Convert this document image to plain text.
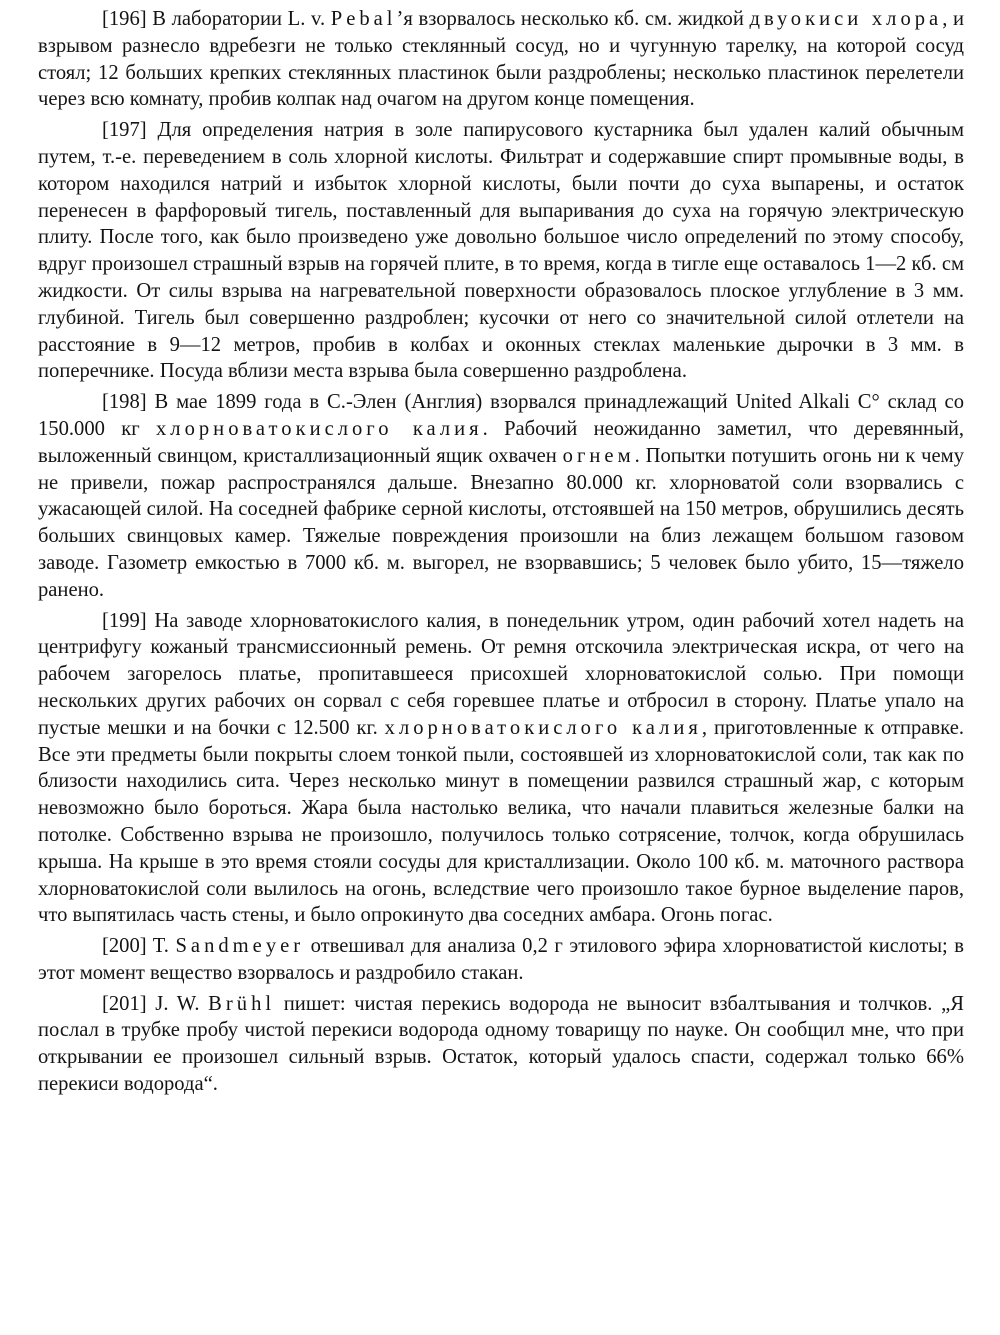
[196] В лаборатории L. v. Pebal’я взорвалось несколько кб. см. жидкой двуокиси хлора, и взрывом разнесло вдребезги не только стеклянный сосуд, но и чугунную тарелку, на которой сосуд стоял; 12 больших крепких стеклянных пластинок были раздроблены; несколько пластинок перелетели через всю комнату, пробив колпак над очагом на другом конце помещения.

[197] Для определения натрия в золе папирусового кустарника был удален калий обычным путем, т.-е. переведением в соль хлорной кислоты. Фильтрат и содержавшие спирт промывные воды, в котором находился натрий и избыток хлорной кислоты, были почти до суха выпарены, и остаток перенесен в фарфоровый тигель, поставленный для выпаривания до суха на горячую электрическую плиту. После того, как было произведено уже довольно большое число определений по этому способу, вдруг произошел страшный взрыв на горячей плите, в то время, когда в тигле еще оставалось 1—2 кб. см жидкости. От силы взрыва на нагревательной поверхности образовалось плоское углубление в 3 мм. глубиной. Тигель был совершенно раздроблен; кусочки от него со значительной силой отлетели на расстояние в 9—12 метров, пробив в колбах и оконных стеклах маленькие дырочки в 3 мм. в поперечнике. Посуда вблизи места взрыва была совершенно раздроблена.

[198] В мае 1899 года в С.-Элен (Англия) взорвался принадлежащий United Alkali C° склад со 150.000 кг хлорноватокислого калия. Рабочий неожиданно заметил, что деревянный, выложенный свинцом, кристаллизационный ящик охвачен огнем. Попытки потушить огонь ни к чему не привели, пожар распространялся дальше. Внезапно 80.000 кг. хлорноватой соли взорвались с ужасающей силой. На соседней фабрике серной кислоты, отстоявшей на 150 метров, обрушились десять больших свинцовых камер. Тяжелые повреждения произошли на близ лежащем большом газовом заводе. Газометр емкостью в 7000 кб. м. выгорел, не взорвавшись; 5 человек было убито, 15—тяжело ранено.

[199] На заводе хлорноватокислого калия, в понедельник утром, один рабочий хотел надеть на центрифугу кожаный трансмиссионный ремень. От ремня отскочила электрическая искра, от чего на рабочем загорелось платье, пропитавшееся присохшей хлорноватокислой солью. При помощи нескольких других рабочих он сорвал с себя горевшее платье и отбросил в сторону. Платье упало на пустые мешки и на бочки с 12.500 кг. хлорноватокислого калия, приготовленные к отправке. Все эти предметы были покрыты слоем тонкой пыли, состоявшей из хлорноватокислой соли, так как по близости находились сита. Через несколько минут в помещении развился страшный жар, с которым невозможно было бороться. Жара была настолько велика, что начали плавиться железные балки на потолке. Собственно взрыва не произошло, получилось только сотрясение, толчок, когда обрушилась крыша. На крыше в это время стояли сосуды для кристаллизации. Около 100 кб. м. маточного раствора хлорноватокислой соли вылилось на огонь, вследствие чего произошло такое бурное выделение паров, что выпятилась часть стены, и было опрокинуто два соседних амбара. Огонь погас.

[200] T. Sandmeyer отвешивал для анализа 0,2 г этилового эфира хлорноватистой кислоты; в этот момент вещество взорвалось и раздробило стакан.

[201] J. W. Brühl пишет: чистая перекись водорода не выносит взбалтывания и толчков. „Я послал в трубке пробу чистой перекиси водорода одному товарищу по науке. Он сообщил мне, что при открывании ее произошел сильный взрыв. Остаток, который удалось спасти, содержал только 66% перекиси водорода“.
